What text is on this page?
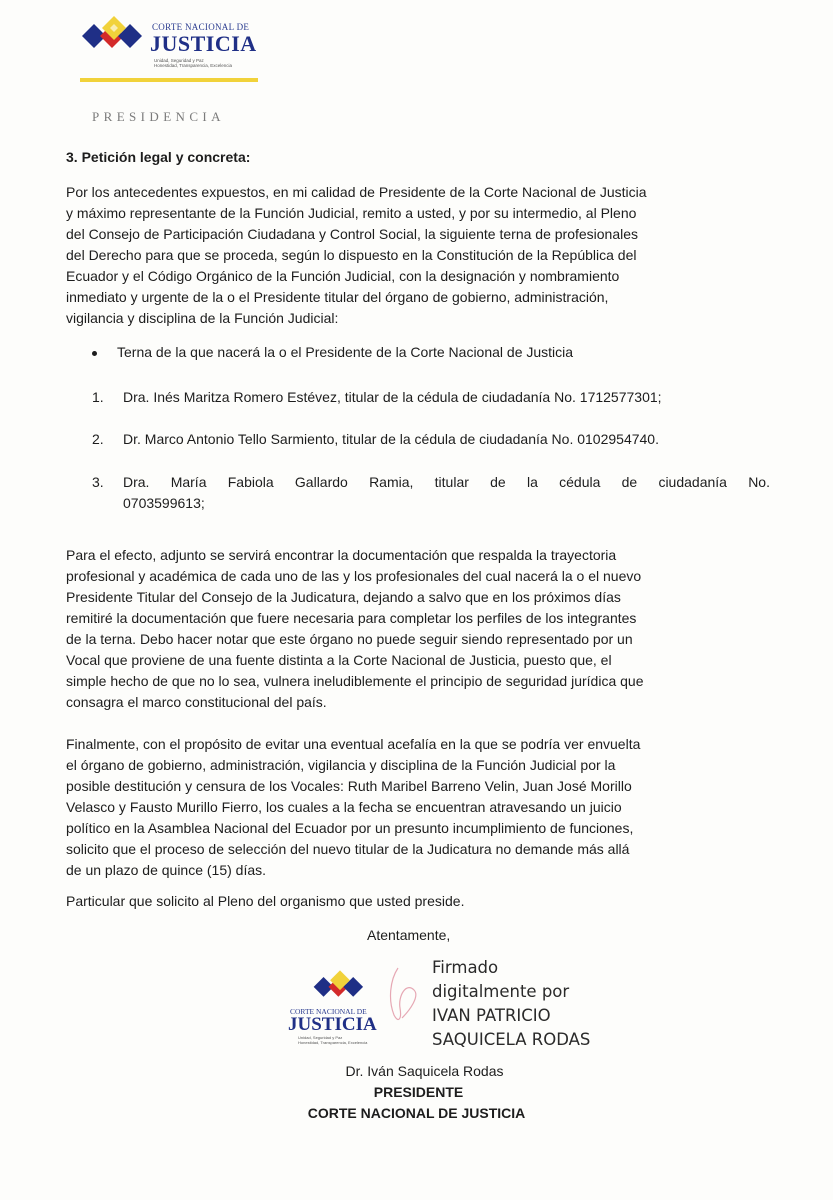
CORTE NACIONAL DE
JUSTICIA
Unidad, Seguridad y Paz
Honestidad, Transparencia, Excelencia
PRESIDENCIA
3. Petición legal y concreta:
Por los antecedentes expuestos, en mi calidad de Presidente de la Corte Nacional de Justicia
y máximo representante de la Función Judicial, remito a usted, y por su intermedio, al Pleno
del Consejo de Participación Ciudadana y Control Social, la siguiente terna de profesionales
del Derecho para que se proceda, según lo dispuesto en la Constitución de la República del
Ecuador y el Código Orgánico de la Función Judicial, con la designación y nombramiento
inmediato y urgente de la o el Presidente titular del órgano de gobierno, administración,
vigilancia y disciplina de la Función Judicial:
Terna de la que nacerá la o el Presidente de la Corte Nacional de Justicia
1. Dra. Inés Maritza Romero Estévez, titular de la cédula de ciudadanía No. 1712577301;
2. Dr. Marco Antonio Tello Sarmiento, titular de la cédula de ciudadanía No. 0102954740.
3. Dra. María Fabiola Gallardo Ramia, titular de la cédula de ciudadanía No.
0703599613;
Para el efecto, adjunto se servirá encontrar la documentación que respalda la trayectoria
profesional y académica de cada uno de las y los profesionales del cual nacerá la o el nuevo
Presidente Titular del Consejo de la Judicatura, dejando a salvo que en los próximos días
remitiré la documentación que fuere necesaria para completar los perfiles de los integrantes
de la terna. Debo hacer notar que este órgano no puede seguir siendo representado por un
Vocal que proviene de una fuente distinta a la Corte Nacional de Justicia, puesto que, el
simple hecho de que no lo sea, vulnera ineludiblemente el principio de seguridad jurídica que
consagra el marco constitucional del país.
Finalmente, con el propósito de evitar una eventual acefalía en la que se podría ver envuelta
el órgano de gobierno, administración, vigilancia y disciplina de la Función Judicial por la
posible destitución y censura de los Vocales: Ruth Maribel Barreno Velin, Juan José Morillo
Velasco y Fausto Murillo Fierro, los cuales a la fecha se encuentran atravesando un juicio
político en la Asamblea Nacional del Ecuador por un presunto incumplimiento de funciones,
solicito que el proceso de selección del nuevo titular de la Judicatura no demande más allá
de un plazo de quince (15) días.
Particular que solicito al Pleno del organismo que usted preside.
Atentamente,
CORTE NACIONAL DE
JUSTICIA
Unidad, Seguridad y Paz
Honestidad, Transparencia, Excelencia
Firmado
digitalmente por
IVAN PATRICIO
SAQUICELA RODAS
Dr. Iván Saquicela Rodas
PRESIDENTE
CORTE NACIONAL DE JUSTICIA
